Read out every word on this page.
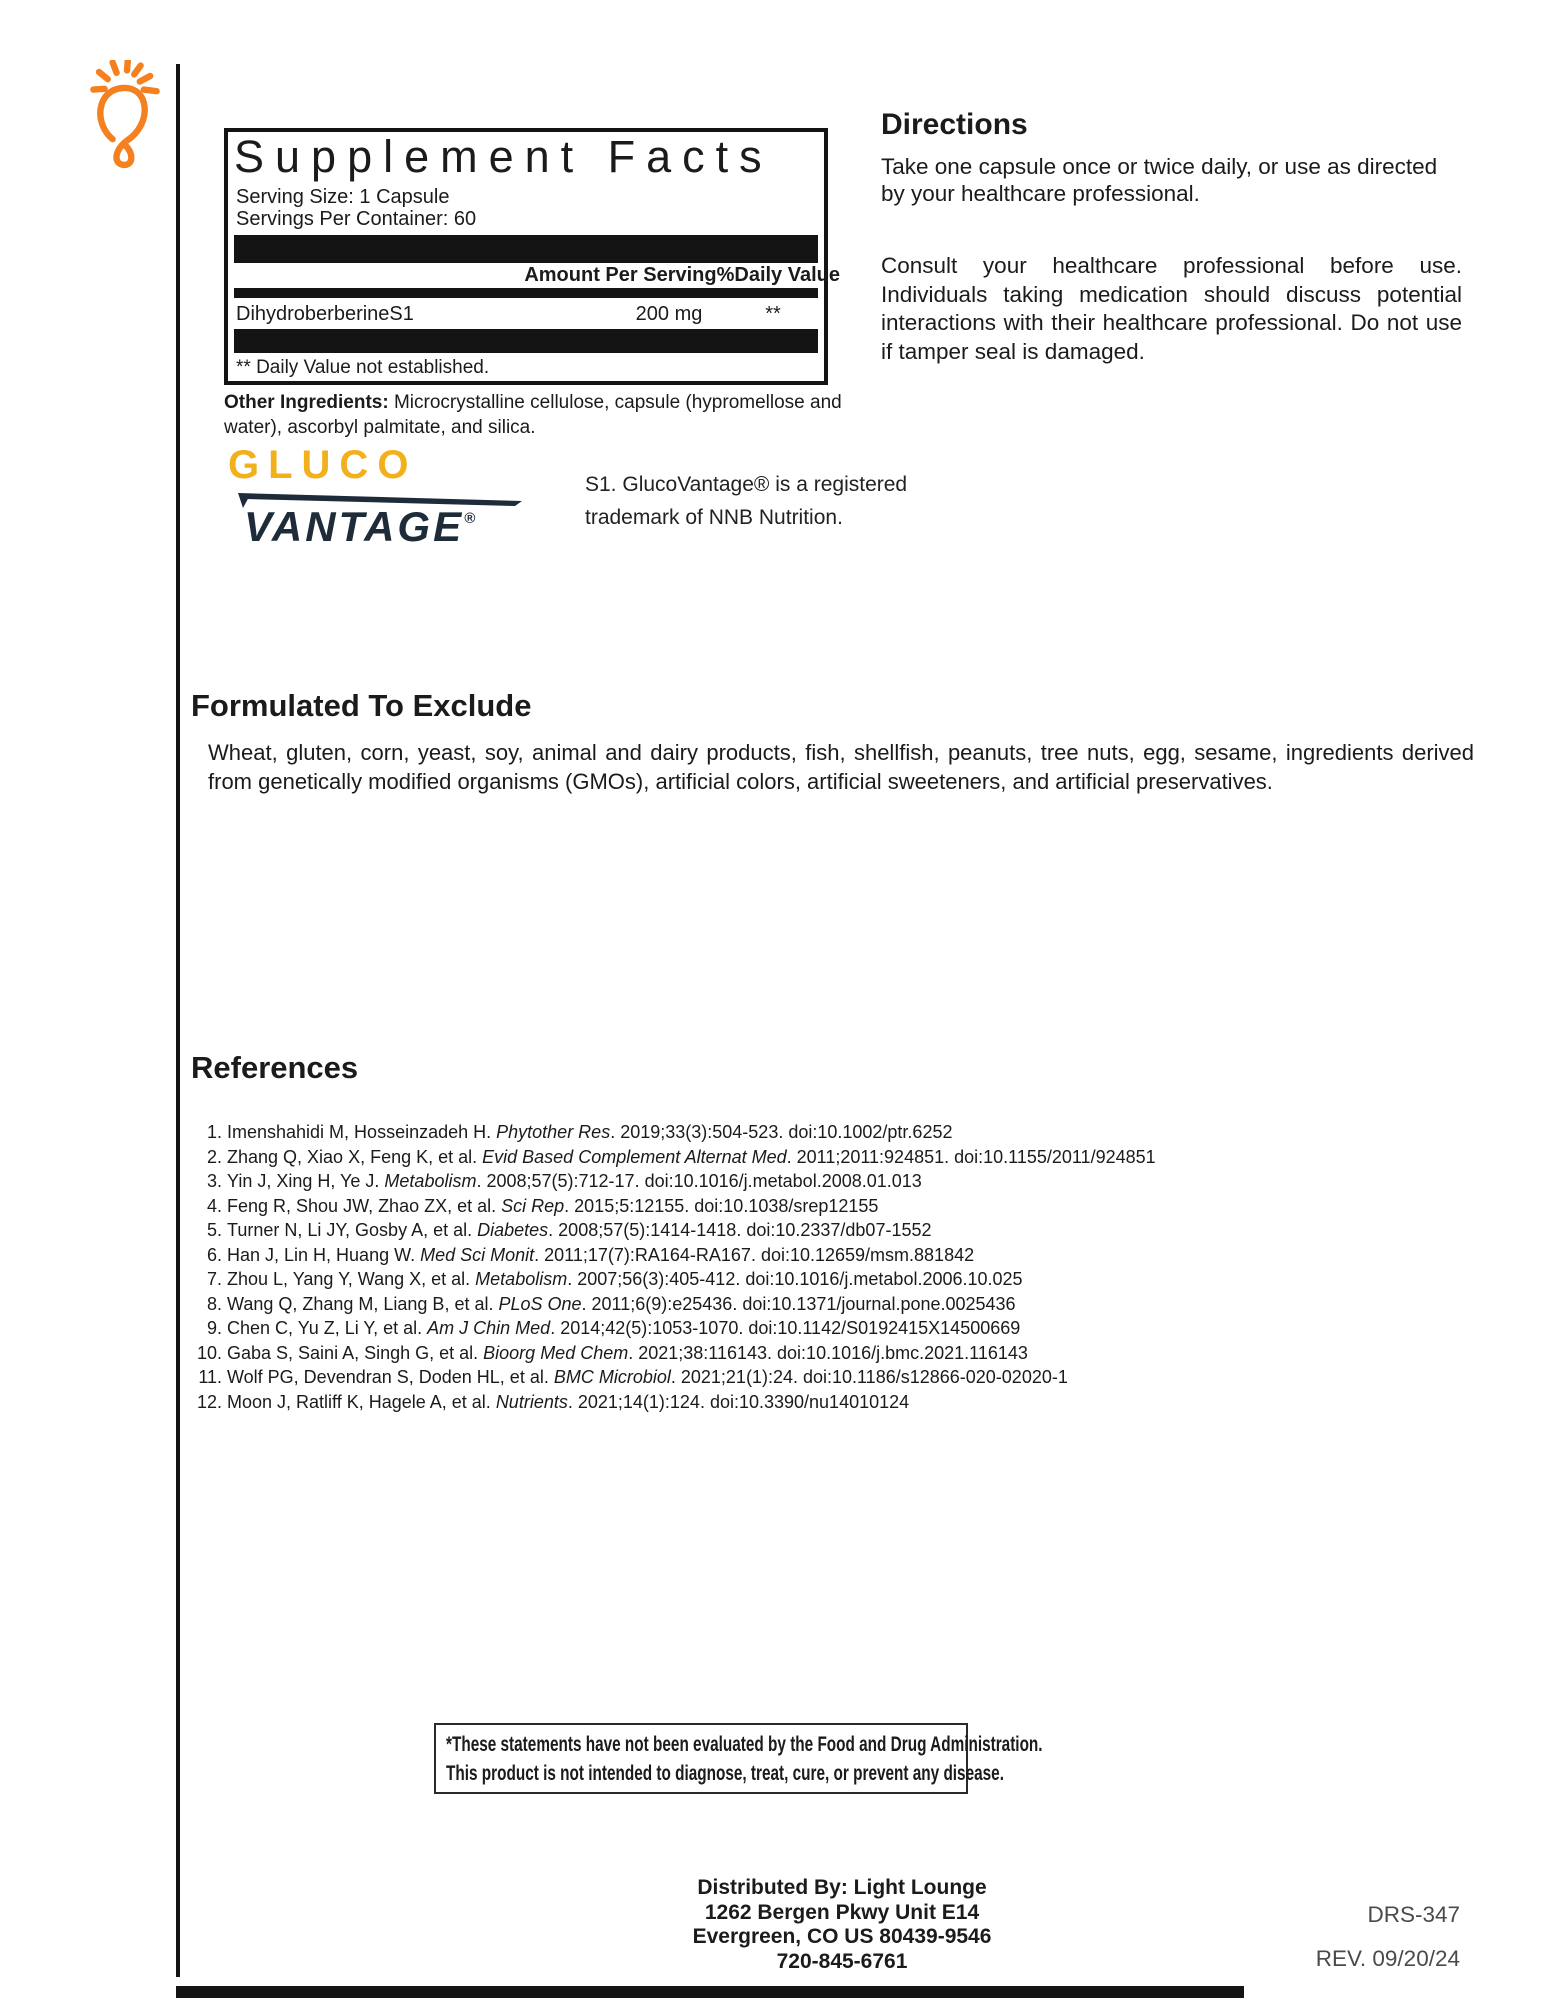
Supplement Facts
Serving Size: 1 Capsule
Servings Per Container: 60
Amount Per Serving%Daily Value
DihydroberberineS1	200 mg	**
** Daily Value not established.
Other Ingredients: Microcrystalline cellulose, capsule (hypromellose and water), ascorbyl palmitate, and silica.
GLUCO
VANTAGE®
S1. GlucoVantage® is a registered
trademark of NNB Nutrition.
Directions

Take one capsule once or twice daily, or use as directed by your healthcare professional.

Consult your healthcare professional before use. Individuals taking medication should discuss potential interactions with their healthcare professional. Do not use if tamper seal is damaged.

Formulated To Exclude
Wheat, gluten, corn, yeast, soy, animal and dairy products, fish, shellfish, peanuts, tree nuts, egg, sesame, ingredients derived from genetically modified organisms (GMOs), artificial colors, artificial sweeteners, and artificial preservatives.
References
1. Imenshahidi M, Hosseinzadeh H. Phytother Res. 2019;33(3):504-523. doi:10.1002/ptr.6252
2. Zhang Q, Xiao X, Feng K, et al. Evid Based Complement Alternat Med. 2011;2011:924851. doi:10.1155/2011/924851
3. Yin J, Xing H, Ye J. Metabolism. 2008;57(5):712-17. doi:10.1016/j.metabol.2008.01.013
4. Feng R, Shou JW, Zhao ZX, et al. Sci Rep. 2015;5:12155. doi:10.1038/srep12155
5. Turner N, Li JY, Gosby A, et al. Diabetes. 2008;57(5):1414-1418. doi:10.2337/db07-1552
6. Han J, Lin H, Huang W. Med Sci Monit. 2011;17(7):RA164-RA167. doi:10.12659/msm.881842
7. Zhou L, Yang Y, Wang X, et al. Metabolism. 2007;56(3):405-412. doi:10.1016/j.metabol.2006.10.025
8. Wang Q, Zhang M, Liang B, et al. PLoS One. 2011;6(9):e25436. doi:10.1371/journal.pone.0025436
9. Chen C, Yu Z, Li Y, et al. Am J Chin Med. 2014;42(5):1053-1070. doi:10.1142/S0192415X14500669
10. Gaba S, Saini A, Singh G, et al. Bioorg Med Chem. 2021;38:116143. doi:10.1016/j.bmc.2021.116143
11. Wolf PG, Devendran S, Doden HL, et al. BMC Microbiol. 2021;21(1):24. doi:10.1186/s12866-020-02020-1
12. Moon J, Ratliff K, Hagele A, et al. Nutrients. 2021;14(1):124. doi:10.3390/nu14010124
*These statements have not been evaluated by the Food and Drug Administration.
This product is not intended to diagnose, treat, cure, or prevent any disease.
Distributed By: Light Lounge
1262 Bergen Pkwy Unit E14
Evergreen, CO US 80439-9546
720-845-6761
DRS-347
REV. 09/20/24
